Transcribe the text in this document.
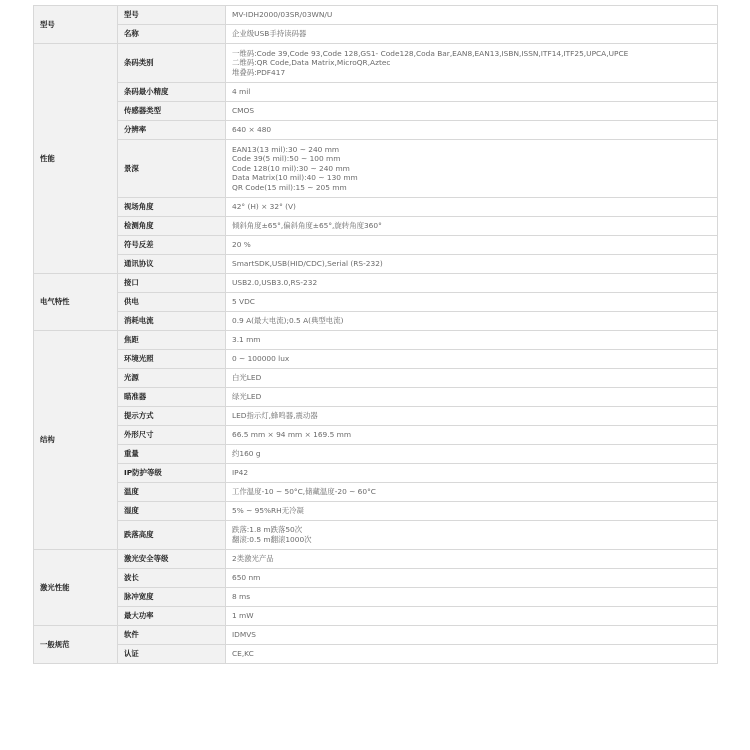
型号	型号	MV-IDH2000/03SR/03WN/U

	名称	企业级USB手持读码器

性能	条码类别	一维码:Code 39,Code 93,Code 128,GS1- Code128,Coda Bar,EAN8,EAN13,ISBN,ISSN,ITF14,ITF25,UPCA,UPCE
二维码:QR Code,Data Matrix,MicroQR,Aztec
堆叠码:PDF417

	条码最小精度	4 mil

	传感器类型	CMOS

	分辨率	640 × 480

	景深	EAN13(13 mil):30 ~ 240 mm
Code 39(5 mil):50 ~ 100 mm
Code 128(10 mil):30 ~ 240 mm
Data Matrix(10 mil):40 ~ 130 mm
QR Code(15 mil):15 ~ 205 mm

	视场角度	42° (H) × 32° (V)

	检测角度	倾斜角度±65°,偏斜角度±65°,旋转角度360°

	符号反差	20 %

	通讯协议	SmartSDK,USB(HID/CDC),Serial (RS-232)

电气特性	接口	USB2.0,USB3.0,RS-232

	供电	5 VDC

	消耗电流	0.9 A(最大电流);0.5 A(典型电流)

结构	焦距	3.1 mm

	环境光照	0 ~ 100000 lux

	光源	白光LED

	瞄准器	绿光LED

	提示方式	LED指示灯,蜂鸣器,震动器

	外形尺寸	66.5 mm × 94 mm × 169.5 mm

	重量	约160 g

	IP防护等级	IP42

	温度	工作温度-10 ~ 50°C,储藏温度-20 ~ 60°C

	湿度	5% ~ 95%RH无冷凝

	跌落高度	跌落:1.8 m跌落50次
翻滚:0.5 m翻滚1000次

激光性能	激光安全等级	2类激光产品

	波长	650 nm

	脉冲宽度	8 ms

	最大功率	1 mW

一般规范	软件	IDMVS

	认证	CE,KC
